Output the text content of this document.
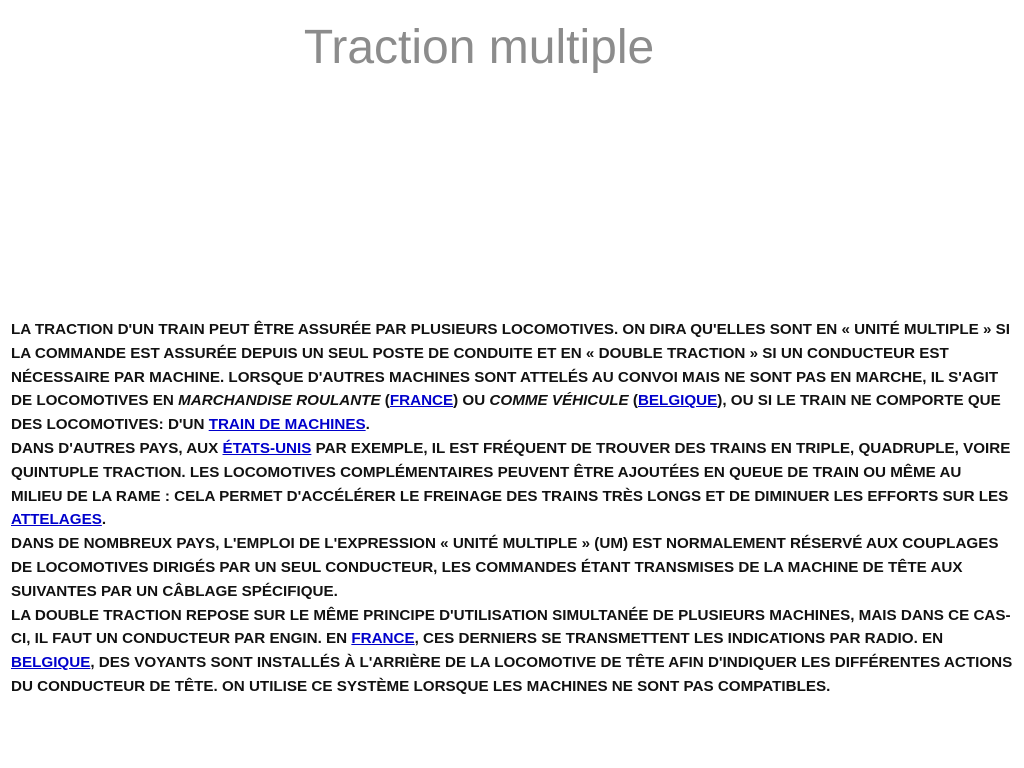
Traction multiple

LA TRACTION D'UN TRAIN PEUT ÊTRE ASSURÉE PAR PLUSIEURS LOCOMOTIVES. ON DIRA QU'ELLES SONT EN « UNITÉ MULTIPLE » SI LA COMMANDE EST ASSURÉE DEPUIS UN SEUL POSTE DE CONDUITE ET EN « DOUBLE TRACTION » SI UN CONDUCTEUR EST NÉCESSAIRE PAR MACHINE. LORSQUE D'AUTRES MACHINES SONT ATTELÉS AU CONVOI MAIS NE SONT PAS EN MARCHE, IL S'AGIT DE LOCOMOTIVES EN MARCHANDISE ROULANTE (FRANCE) OU COMME VÉHICULE (BELGIQUE), OU SI LE TRAIN NE COMPORTE QUE DES LOCOMOTIVES: D'UN TRAIN DE MACHINES.

DANS D'AUTRES PAYS, AUX ÉTATS-UNIS PAR EXEMPLE, IL EST FRÉQUENT DE TROUVER DES TRAINS EN TRIPLE, QUADRUPLE, VOIRE QUINTUPLE TRACTION. LES LOCOMOTIVES COMPLÉMENTAIRES PEUVENT ÊTRE AJOUTÉES EN QUEUE DE TRAIN OU MÊME AU MILIEU DE LA RAME : CELA PERMET D'ACCÉLÉRER LE FREINAGE DES TRAINS TRÈS LONGS ET DE DIMINUER LES EFFORTS SUR LES ATTELAGES.

DANS DE NOMBREUX PAYS, L'EMPLOI DE L'EXPRESSION « UNITÉ MULTIPLE » (UM) EST NORMALEMENT RÉSERVÉ AUX COUPLAGES DE LOCOMOTIVES DIRIGÉS PAR UN SEUL CONDUCTEUR, LES COMMANDES ÉTANT TRANSMISES DE LA MACHINE DE TÊTE AUX SUIVANTES PAR UN CÂBLAGE SPÉCIFIQUE.

LA DOUBLE TRACTION REPOSE SUR LE MÊME PRINCIPE D'UTILISATION SIMULTANÉE DE PLUSIEURS MACHINES, MAIS DANS CE CAS-CI, IL FAUT UN CONDUCTEUR PAR ENGIN. EN FRANCE, CES DERNIERS SE TRANSMETTENT LES INDICATIONS PAR RADIO. EN BELGIQUE, DES VOYANTS SONT INSTALLÉS À L'ARRIÈRE DE LA LOCOMOTIVE DE TÊTE AFIN D'INDIQUER LES DIFFÉRENTES ACTIONS DU CONDUCTEUR DE TÊTE. ON UTILISE CE SYSTÈME LORSQUE LES MACHINES NE SONT PAS COMPATIBLES.
